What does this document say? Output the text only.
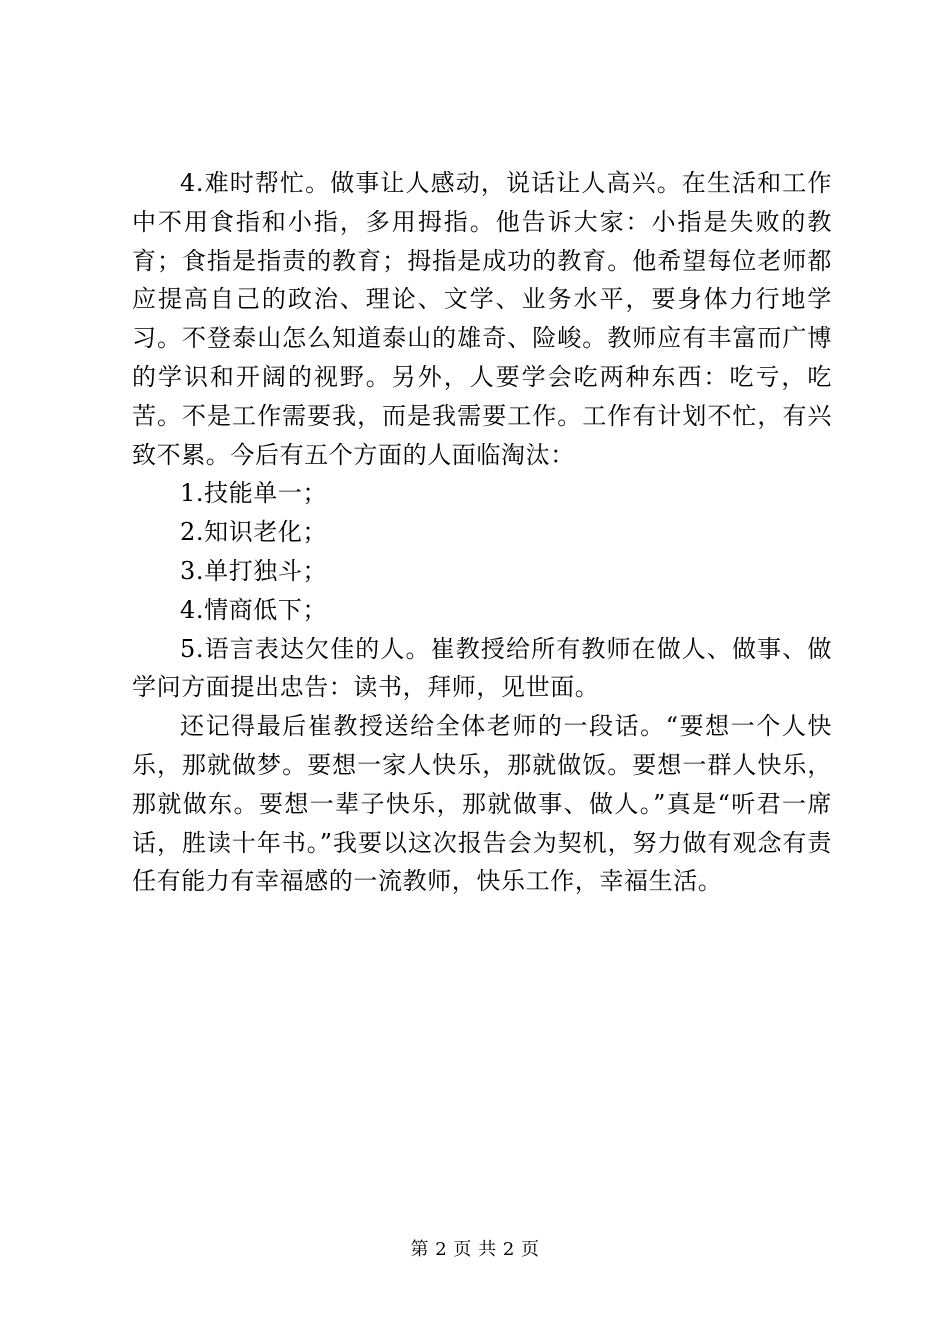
4.难时帮忙。做事让人感动，说话让人高兴。在生活和工作中不用食指和小指，多用拇指。他告诉大家：小指是失败的教育；食指是指责的教育；拇指是成功的教育。他希望每位老师都应提高自己的政治、理论、文学、业务水平，要身体力行地学习。不登泰山怎么知道泰山的雄奇、险峻。教师应有丰富而广博的学识和开阔的视野。另外，人要学会吃两种东西：吃亏，吃苦。不是工作需要我，而是我需要工作。工作有计划不忙，有兴致不累。今后有五个方面的人面临淘汰：

1.技能单一；

2.知识老化；

3.单打独斗；

4.情商低下；

5.语言表达欠佳的人。崔教授给所有教师在做人、做事、做学问方面提出忠告：读书，拜师，见世面。

还记得最后崔教授送给全体老师的一段话。“要想一个人快乐，那就做梦。要想一家人快乐，那就做饭。要想一群人快乐，那就做东。要想一辈子快乐，那就做事、做人。”真是“听君一席话，胜读十年书。”我要以这次报告会为契机，努力做有观念有责任有能力有幸福感的一流教师，快乐工作，幸福生活。

第 2 页 共 2 页
